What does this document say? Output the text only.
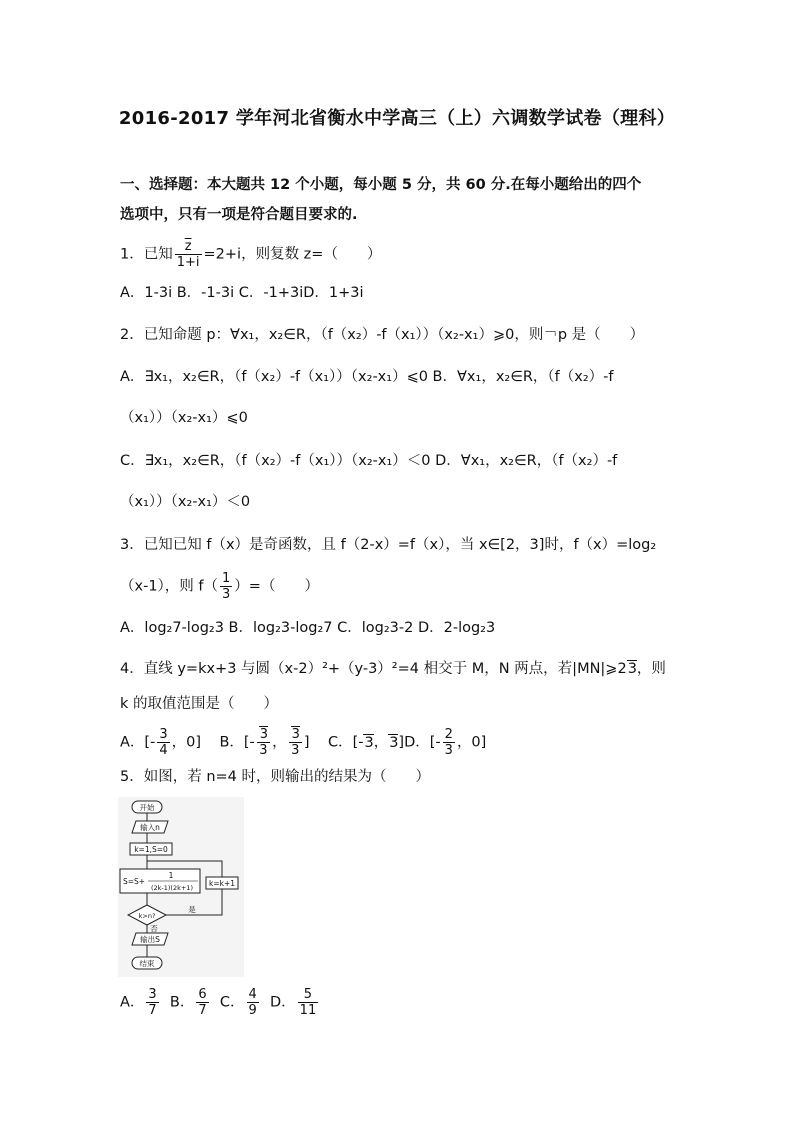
2016-2017 学年河北省衡水中学高三（上）六调数学试卷（理科）
一、选择题：本大题共 12 个小题，每小题 5 分，共 60 分.在每小题给出的四个
选项中，只有一项是符合题目要求的.
1．已知 $\frac{\overline{z}}{1+i} =2+i$，则复数 z=（　　）
A．1-3i B．-1-3i C．-1+3iD．1+3i
2．已知命题 p：∀x₁，x₂∈R，（f（x₂）-f（x₁））（x₂-x₁）⩾0，则￢p 是（　　）
A．∃x₁，x₂∈R，（f（x₂）-f（x₁））（x₂-x₁）⩽0 B．∀x₁，x₂∈R，（f（x₂）-f
（x₁））（x₂-x₁）⩽0
C．∃x₁，x₂∈R，（f（x₂）-f（x₁））（x₂-x₁）＜0 D．∀x₁，x₂∈R，（f（x₂）-f
（x₁））（x₂-x₁）＜0
3．已知已知 f（x）是奇函数，且 f（2-x）=f（x），当 x∈[2，3]时，f（x）=log₂
（x-1），则 $f( \frac{1}{3}$ ）=（　　）
A．log₂7-log₂3 B．log₂3-log₂7 C．log₂3-2 D．2-log₂3
4．直线 y=kx+3 与圆（x-2）²+（y-3）²=4 相交于 M，N 两点，若|MN|⩾23，则
k 的取值范围是（　　）
A．[- $\frac{3}{4}$ ，0]    B．[- $\frac{3}{3}$ ， $\frac{3}{3}$ ]    C．[-3，3]D．[- $\frac{2}{3}$ ，0]
5．如图，若 n=4 时，则输出的结果为（　　）
开始
输入n
k=1,S=0
S=S+
1
(2k-1)(2k+1) k=k+1
k>n?
是
否
输出S
结束
A． $\frac{3}{7}$ B． $\frac{6}{7}$ C． $\frac{4}{9}$ D． $\frac{5}{11}$
